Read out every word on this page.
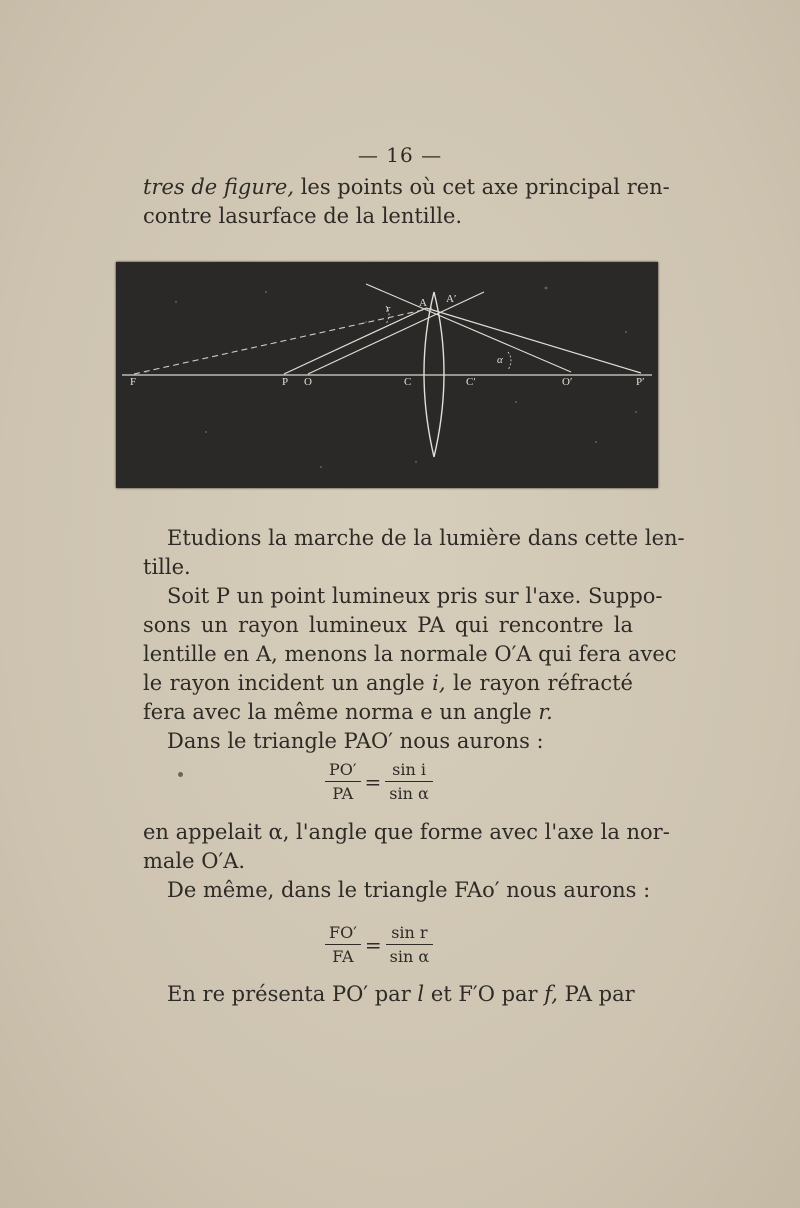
— 16 —
tres de figure, les points où cet axe principal ren-
contre lasurface de la lentille.
F	P O	C	C′	O′	P′
A A′
r
α
Etudions la marche de la lumière dans cette len-
tille.
Soit P un point lumineux pris sur l'axe. Suppo-
sons un rayon lumineux PA qui rencontre la
lentille en A, menons la normale O′A qui fera avec
le rayon incident un angle i, le rayon réfracté
fera avec la même norma e un angle r.
Dans le triangle PAO′ nous aurons :
$\frac{PO'}{PA} = \frac{\text{sin i}}{\text{sin α}}$
en appelait α, l'angle que forme avec l'axe la nor-
male O′A.
De même, dans le triangle FAo′ nous aurons :
$\frac{FO'}{FA} = \frac{\text{sin r}}{\text{sin α}}$
En re présenta PO′ par l et F′O par f, PA par
